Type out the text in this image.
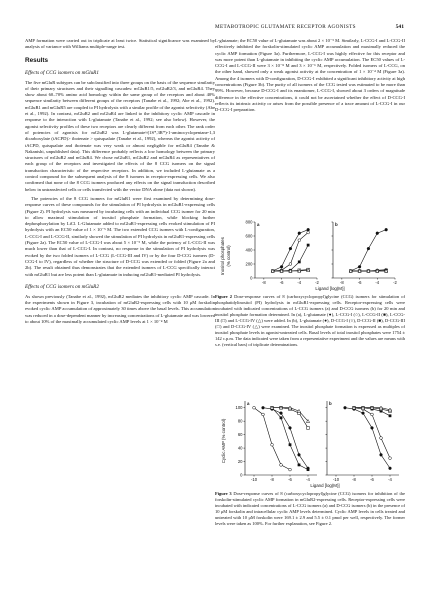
METABOTROPIC GLUTAMATE RECEPTOR AGONISTS	541

AMP formation were carried out in triplicate at least twice. Statistical significance was examined by analysis of variance with Williams multiple-range test.

Results
Effects of CCG isomers on mGluR1

The five mGluR subtypes can be subclassified into three groups on the basis of the sequence similarity of their primary structures and their signalling cascades: mGluR1/5, mGluR2/3, and mGluR4. They show about 60–70% amino acid homology within the same group of the receptors and about 40% sequence similarity between different groups of the receptors (Tanabe et al., 1992; Abe et al., 1992). mGluR1 and mGluR5 are coupled to PI hydrolysis with a similar profile of the agonist selectivity (Abe et al., 1992). In contrast, mGluR2 and mGluR4 are linked to the inhibitory cyclic AMP cascade in response to the interaction with L-glutamate (Tanabe et al., 1992; see also below). However, the agonist selectivity profiles of these two receptors are clearly different from each other. The rank order of potencies of agonists for mGluR2 was L-glutamate≈(1S*,3R*)-1-aminocyclopentane-1,3 dicarboxylate (tACPD)> ibotenate > quisqualate (Tanabe et al., 1992), whereas the agonist activity of tACPD, quisqualate and ibotenate was very weak or almost negligible for mGluR4 (Tanabe & Nakanishi, unpublished data). This difference probably reflects a low homology between the primary structures of mGluR2 and mGluR4. We chose mGluR1, mGluR2 and mGluR4 as representatives of each group of the receptors and investigated the effects of the 8 CCG isomers on the signal transduction characteristic of the respective receptors. In addition, we included L-glutamate as a control compound for the subsequent analysis of the 8 isomers in receptor-expressing cells. We also confirmed that none of the 8 CCG isomers produced any effects on the signal transduction described below in untransfected cells or cells transfected with the vector DNA alone (data not shown).

The potencies of the 8 CCG isomers for mGluR1 were first examined by determining dose-response curves of these compounds for the stimulation of PI hydrolysis in mGluR1-expressing cells (Figure 2). PI hydrolysis was measured by incubating cells with an individual CCG isomer for 20 min to allow maximal stimulation of inositol phosphate formation, while blocking further dephosphorylation by LiCl. L-Glutamate added to mGluR1-expressing cells evoked stimulation of PI hydrolysis with an EC50 value of 1 × 10⁻⁵ M. The two extended CCG isomers with L-configuration, L-CCG-I and L-CCG-II, similarly showed the stimulation of PI hydrolysis in mGluR1-expressing cells (Figure 2a). The EC50 value of L-CCG-I was about 5 × 10⁻⁵ M, while the potency of L-CCG-II was much lower than that of L-CCG-I. In contrast, no response in the stimulation of PI hydrolysis was evoked by the two folded isomers of L-CCG (L-CCG-III and IV) or by the four D-CCG isomers (D-CCG-I to IV), regardless of whether the structure of D-CCG was extended or folded (Figure 2a and 2b). The result obtained thus demonstrates that the extended isomers of L-CCG specifically interact with mGluR1 but are less potent than L-glutamate in inducing mGluR1-mediated PI hydrolysis.

Effects of CCG isomers on mGluR2

As shown previously (Tanabe et al., 1992), mGluR2 mediates the inhibitory cyclic AMP cascade. In the experiments shown in Figure 3, incubation of mGluR2-expressing cells with 10 μM forskolin evoked cyclic AMP accumulation of approximately 30 times above the basal levels. This accumulation was reduced in a dose-dependent manner by increasing concentrations of L-glutamate and was lowered to about 10% of the maximally accumulated cyclic AMP levels at 1 × 10⁻⁴ M

L-glutamate; the EC50 value of L-glutamate was about 2 × 10⁻⁵ M. Similarly, L-CCG-I and L-CCG-II effectively inhibited the forskolin-stimulated cyclic AMP accumulation and maximally reduced the cyclic AMP formation (Figure 3a). Furthermore, L-CCG-I was highly effective for this receptor and was more potent than L-glutamate in inhibiting the cyclic AMP accumulation. The EC50 values of L-CCG-I and L-CCG-II were 3 × 10⁻⁸ M and 3 × 10⁻⁶ M, respectively. Folded isomers of L-CCG, on the other hand, showed only a weak agonist activity at the concentration of 1 × 10⁻⁴ M (Figure 3a). Among the 4 isomers with D-configuration, D-CCG-I exhibited a significant inhibitory activity at high concentrations (Figure 3b). The purity of all isomers of the CCG tested was estimated to be more than 99%. However, because D-CCG-I and its enantiomer, L-CCG-I, showed about 3 orders of magnitude difference in the effective concentrations, it could not be ascertained whether the effect of D-CCG-I reflects its intrinsic activity or arises from the possible presence of a trace amount of L-CCG-I in our D-CCG-I preparation.

Inositol phosphates (% control)
Ligand [log(M)]
800
600
400
200
0
-8	-6	-4	-2
a
-8	-6	-4	-2
b
Figure 2 Dose-response curves of 8 (carboxycyclopropyl)glycine (CCG) isomers for stimulation of phosphatidylinositol (PI) hydrolysis in mGluR1-expressing cells. Receptor-expressing cells were incubated with indicated concentrations of L-CCG isomers (a) and D-CCG isomers (b) for 20 min and inositol phosphate formation determined. In (a), L-glutamate (●), L-CCG-I (○), L-CCG-II (■), L-CCG-III (□) and L-CCG-IV (△) were added. In (b), L-glutamate (●), D-CCG-I (○), D-CCG-II (■), D-CCG-III (□) and D-CCG-IV (△) were examined. The inositol phosphate formation is expressed as multiples of inositol phosphate levels in agonist-untreated cells. Basal levels of total inositol phosphates were 1754 ± 142 c.p.m. The data indicated were taken from a representative experiment and the values are means with s.e. (vertical bars) of triplicate determinations.
Cyclic AMP (% control)
Ligand [log(M)]
100
80
60
40
20
0
-10	-8	-6	-4
a
-10	-8	-6	-4
b
Figure 3 Dose-response curves of 8 (carboxycyclopropyl)glycine (CCG) isomers for inhibition of the forskolin-stimulated cyclic AMP formation in mGluR2-expressing cells. Receptor-expressing cells were incubated with indicated concentrations of L-CCG isomers (a) and D-CCG isomers (b) in the presence of 10 μM forskolin and intracellular cyclic AMP levels determined. Cyclic AMP levels in cells treated and untreated with 10 μM forskolin were 169.1 ± 2.9 and 5.5 ± 0.1 pmol per well, respectively. The former levels were taken as 100%. For further explanation, see Figure 2.
